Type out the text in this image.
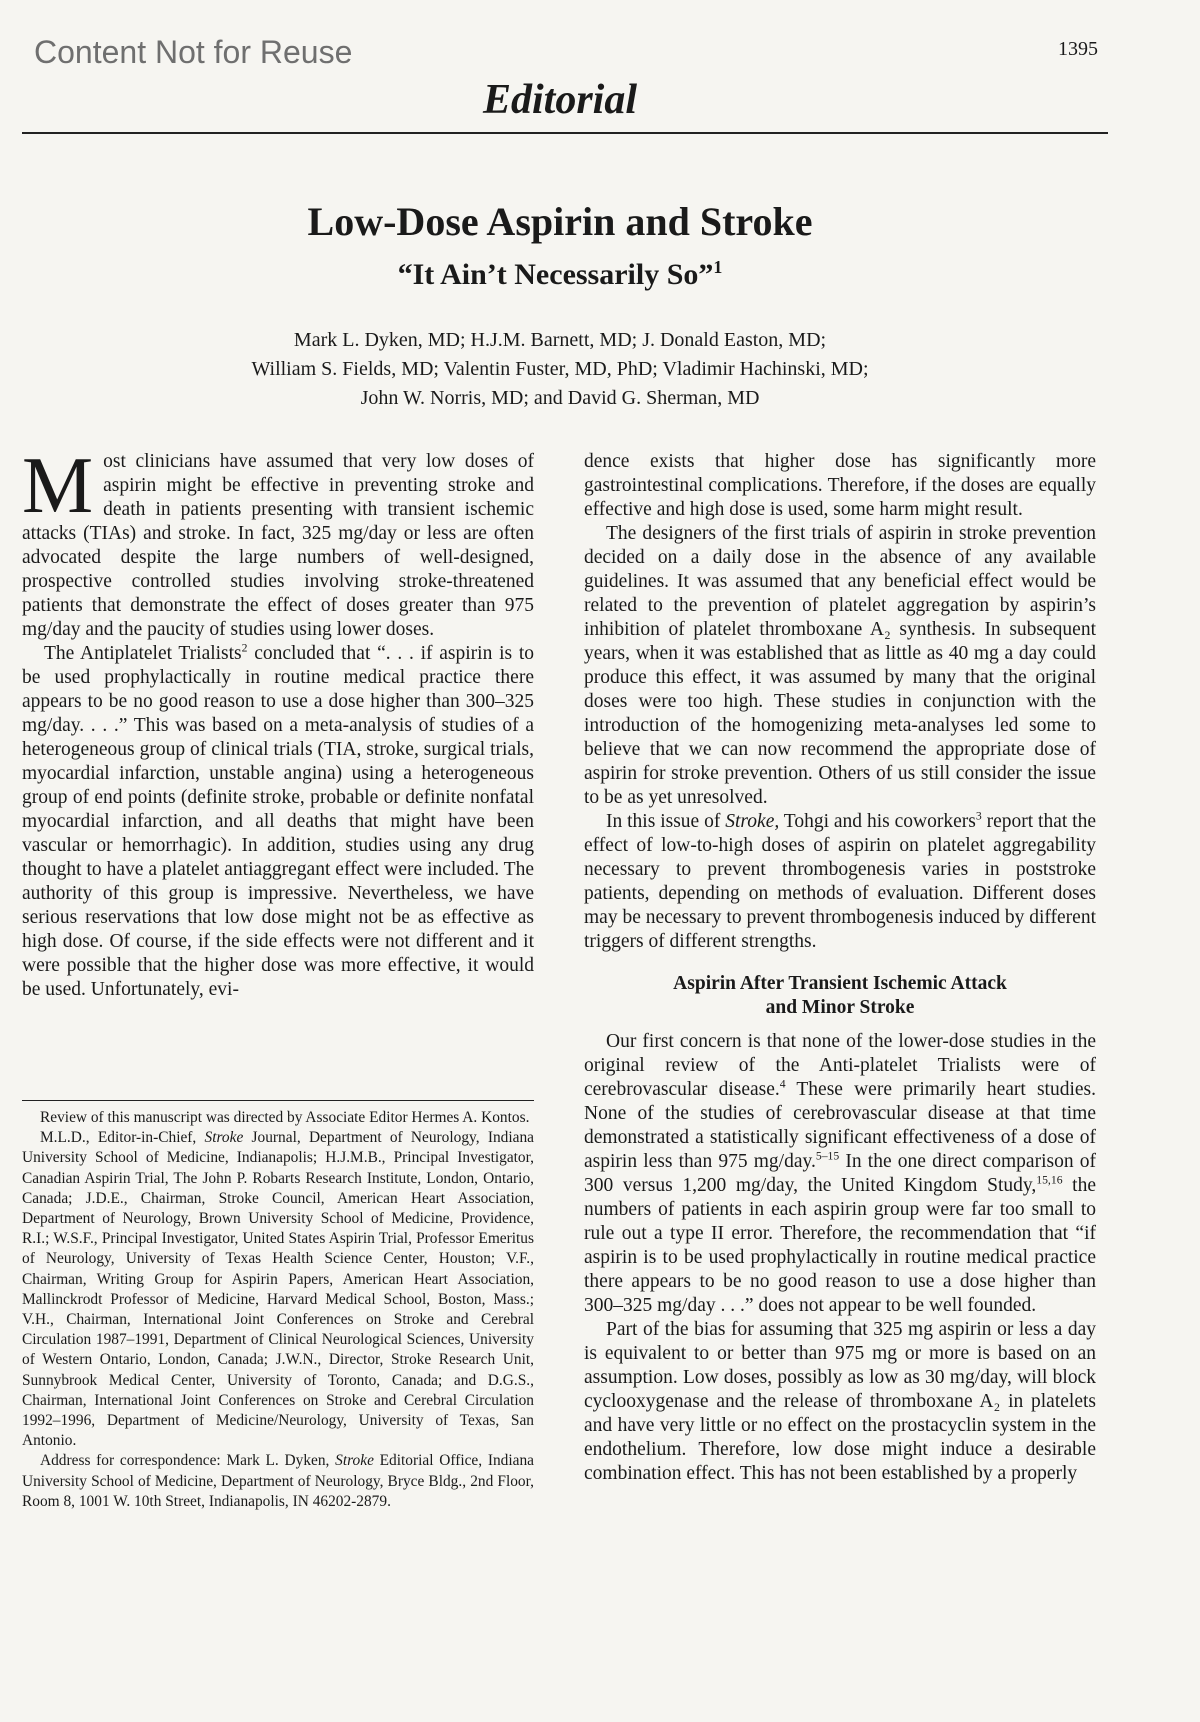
Content Not for Reuse	1395
Editorial
Low-Dose Aspirin and Stroke
“It Ain’t Necessarily So”$^1$
Mark L. Dyken, MD; H.J.M. Barnett, MD; J. Donald Easton, MD;
William S. Fields, MD; Valentin Fuster, MD, PhD; Vladimir Hachinski, MD;
John W. Norris, MD; and David G. Sherman, MD

Most clinicians have assumed that very low doses of aspirin might be effective in preventing stroke and death in patients presenting with transient ischemic attacks (TIAs) and stroke. In fact, 325 mg/day or less are often advocated despite the large numbers of well-designed, prospective controlled studies involving stroke-threatened patients that demonstrate the effect of doses greater than 975 mg/day and the paucity of studies using lower doses.

The Antiplatelet Trialists$^2$ concluded that “. . . if aspirin is to be used prophylactically in routine medical practice there appears to be no good reason to use a dose higher than 300–325 mg/day. . . .” This was based on a meta-analysis of studies of a heterogeneous group of clinical trials (TIA, stroke, surgical trials, myocardial infarction, unstable angina) using a heterogeneous group of end points (definite stroke, probable or definite nonfatal myocardial infarction, and all deaths that might have been vascular or hemorrhagic). In addition, studies using any drug thought to have a platelet antiaggregant effect were included. The authority of this group is impressive. Nevertheless, we have serious reservations that low dose might not be as effective as high dose. Of course, if the side effects were not different and it were possible that the higher dose was more effective, it would be used. Unfortunately, evi-

Review of this manuscript was directed by Associate Editor Hermes A. Kontos.

M.L.D., Editor-in-Chief, Stroke Journal, Department of Neurology, Indiana University School of Medicine, Indianapolis; H.J.M.B., Principal Investigator, Canadian Aspirin Trial, The John P. Robarts Research Institute, London, Ontario, Canada; J.D.E., Chairman, Stroke Council, American Heart Association, Department of Neurology, Brown University School of Medicine, Providence, R.I.; W.S.F., Principal Investigator, United States Aspirin Trial, Professor Emeritus of Neurology, University of Texas Health Science Center, Houston; V.F., Chairman, Writing Group for Aspirin Papers, American Heart Association, Mallinckrodt Professor of Medicine, Harvard Medical School, Boston, Mass.; V.H., Chairman, International Joint Conferences on Stroke and Cerebral Circulation 1987–1991, Department of Clinical Neurological Sciences, University of Western Ontario, London, Canada; J.W.N., Director, Stroke Research Unit, Sunnybrook Medical Center, University of Toronto, Canada; and D.G.S., Chairman, International Joint Conferences on Stroke and Cerebral Circulation 1992–1996, Department of Medicine/Neurology, University of Texas, San Antonio.

Address for correspondence: Mark L. Dyken, Stroke Editorial Office, Indiana University School of Medicine, Department of Neurology, Bryce Bldg., 2nd Floor, Room 8, 1001 W. 10th Street, Indianapolis, IN 46202-2879.

dence exists that higher dose has significantly more gastrointestinal complications. Therefore, if the doses are equally effective and high dose is used, some harm might result.

The designers of the first trials of aspirin in stroke prevention decided on a daily dose in the absence of any available guidelines. It was assumed that any beneficial effect would be related to the prevention of platelet aggregation by aspirin’s inhibition of platelet thromboxane A₂ synthesis. In subsequent years, when it was established that as little as 40 mg a day could produce this effect, it was assumed by many that the original doses were too high. These studies in conjunction with the introduction of the homogenizing meta-analyses led some to believe that we can now recommend the appropriate dose of aspirin for stroke prevention. Others of us still consider the issue to be as yet unresolved.

In this issue of Stroke, Tohgi and his coworkers$^3$ report that the effect of low-to-high doses of aspirin on platelet aggregability necessary to prevent thrombogenesis varies in poststroke patients, depending on methods of evaluation. Different doses may be necessary to prevent thrombogenesis induced by different triggers of different strengths.

Aspirin After Transient Ischemic Attack
and Minor Stroke

Our first concern is that none of the lower-dose studies in the original review of the Anti-platelet Trialists were of cerebrovascular disease.$^4$ These were primarily heart studies. None of the studies of cerebrovascular disease at that time demonstrated a statistically significant effectiveness of a dose of aspirin less than 975 mg/day.$^{5-15}$ In the one direct comparison of 300 versus 1,200 mg/day, the United Kingdom Study,$^{15,16}$ the numbers of patients in each aspirin group were far too small to rule out a type II error. Therefore, the recommendation that “if aspirin is to be used prophylactically in routine medical practice there appears to be no good reason to use a dose higher than 300–325 mg/day . . .” does not appear to be well founded.

Part of the bias for assuming that 325 mg aspirin or less a day is equivalent to or better than 975 mg or more is based on an assumption. Low doses, possibly as low as 30 mg/day, will block cyclooxygenase and the release of thromboxane A₂ in platelets and have very little or no effect on the prostacyclin system in the endothelium. Therefore, low dose might induce a desirable combination effect. This has not been established by a properly
